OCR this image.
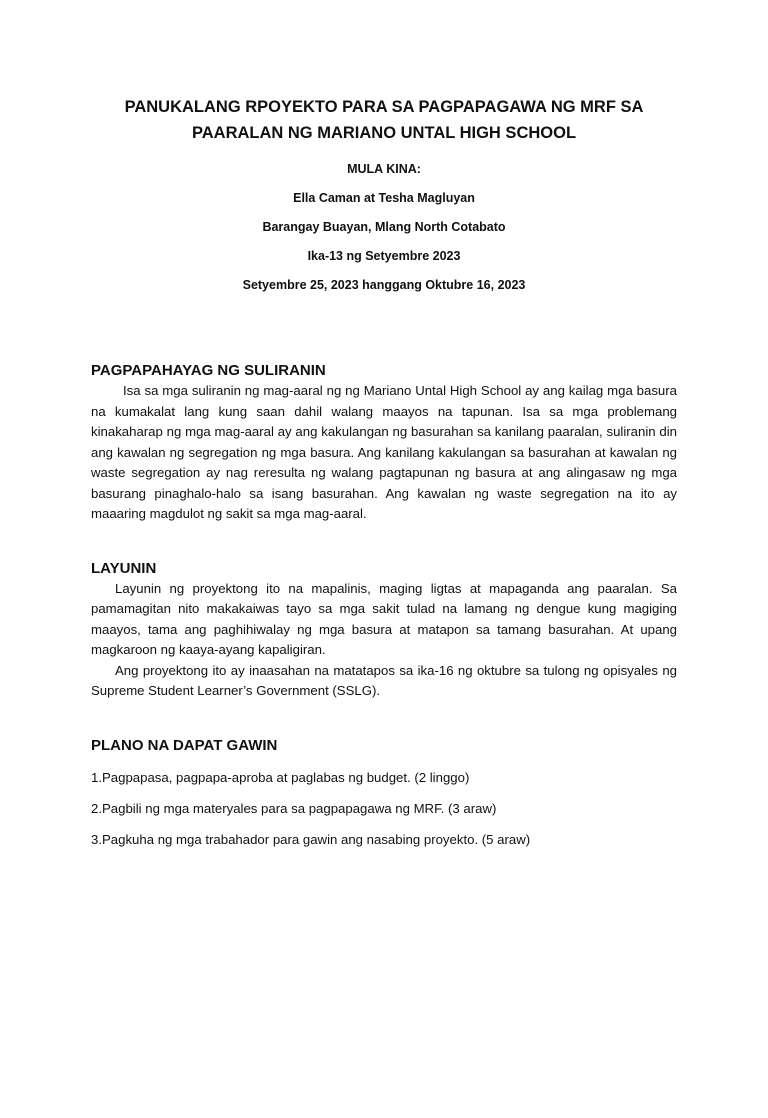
PANUKALANG RPOYEKTO PARA SA PAGPAPAGAWA NG MRF SA
PAARALAN NG MARIANO UNTAL HIGH SCHOOL

MULA KINA:

Ella Caman at Tesha Magluyan

Barangay Buayan, Mlang North Cotabato

Ika-13 ng Setyembre 2023

Setyembre 25, 2023 hanggang Oktubre 16, 2023

PAGPAPAHAYAG NG SULIRANIN

Isa sa mga suliranin ng mag-aaral ng ng Mariano Untal High School ay ang kailag mga basura na kumakalat lang kung saan dahil walang maayos na tapunan. Isa sa mga problemang kinakaharap ng mga mag-aaral ay ang kakulangan ng basurahan sa kanilang paaralan, suliranin din ang kawalan ng segregation ng mga basura. Ang kanilang kakulangan sa basurahan at kawalan ng waste segregation ay nag reresulta ng walang pagtapunan ng basura at ang alingasaw ng mga basurang pinaghalo-halo sa isang basurahan. Ang kawalan ng waste segregation na ito ay maaaring magdulot ng sakit sa mga mag-aaral.

LAYUNIN

Layunin ng proyektong ito na mapalinis, maging ligtas at mapaganda ang paaralan. Sa pamamagitan nito makakaiwas tayo sa mga sakit tulad na lamang ng dengue kung magiging maayos, tama ang paghihiwalay ng mga basura at matapon sa tamang basurahan. At upang magkaroon ng kaaya-ayang kapaligiran.

Ang proyektong ito ay inaasahan na matatapos sa ika-16 ng oktubre sa tulong ng opisyales ng Supreme Student Learner’s Government (SSLG).

PLANO NA DAPAT GAWIN
1.Pagpapasa, pagpapa-aproba at paglabas ng budget. (2 linggo)
2.Pagbili ng mga materyales para sa pagpapagawa ng MRF. (3 araw)
3.Pagkuha ng mga trabahador para gawin ang nasabing proyekto. (5 araw)
